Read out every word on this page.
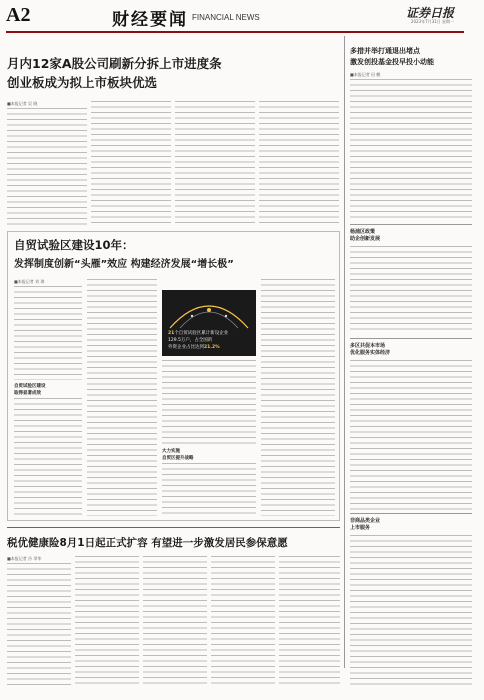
A2	财经要闻 FINANCIAL NEWS	证券日报
2023年7月31日 星期一
月内12家A股公司刷新分拆上市进度条
创业板成为拟上市板块优选
■本报记者 吴 晓
多措并举打通退出堵点
激发创投基金投早投小动能
■本报记者 田 鹏
杨浦区政策
助企创新发展
多区共促本市场
优化服务实体经济
非商品类企业
上市服务
自贸试验区建设10年：
发挥制度创新“头雁”效应 构建经济发展“增长极”
■本报记者 刘 琪
自贸试验区建设
取得显著成效
21个自贸试验区累计新设企业
129.5万户，占全国的
外资企业占比达到21.2%
大力实施
自贸区提升战略
税优健康险8月1日起正式扩容 有望进一步激发居民参保意愿
■本报记者 冷 翠华
